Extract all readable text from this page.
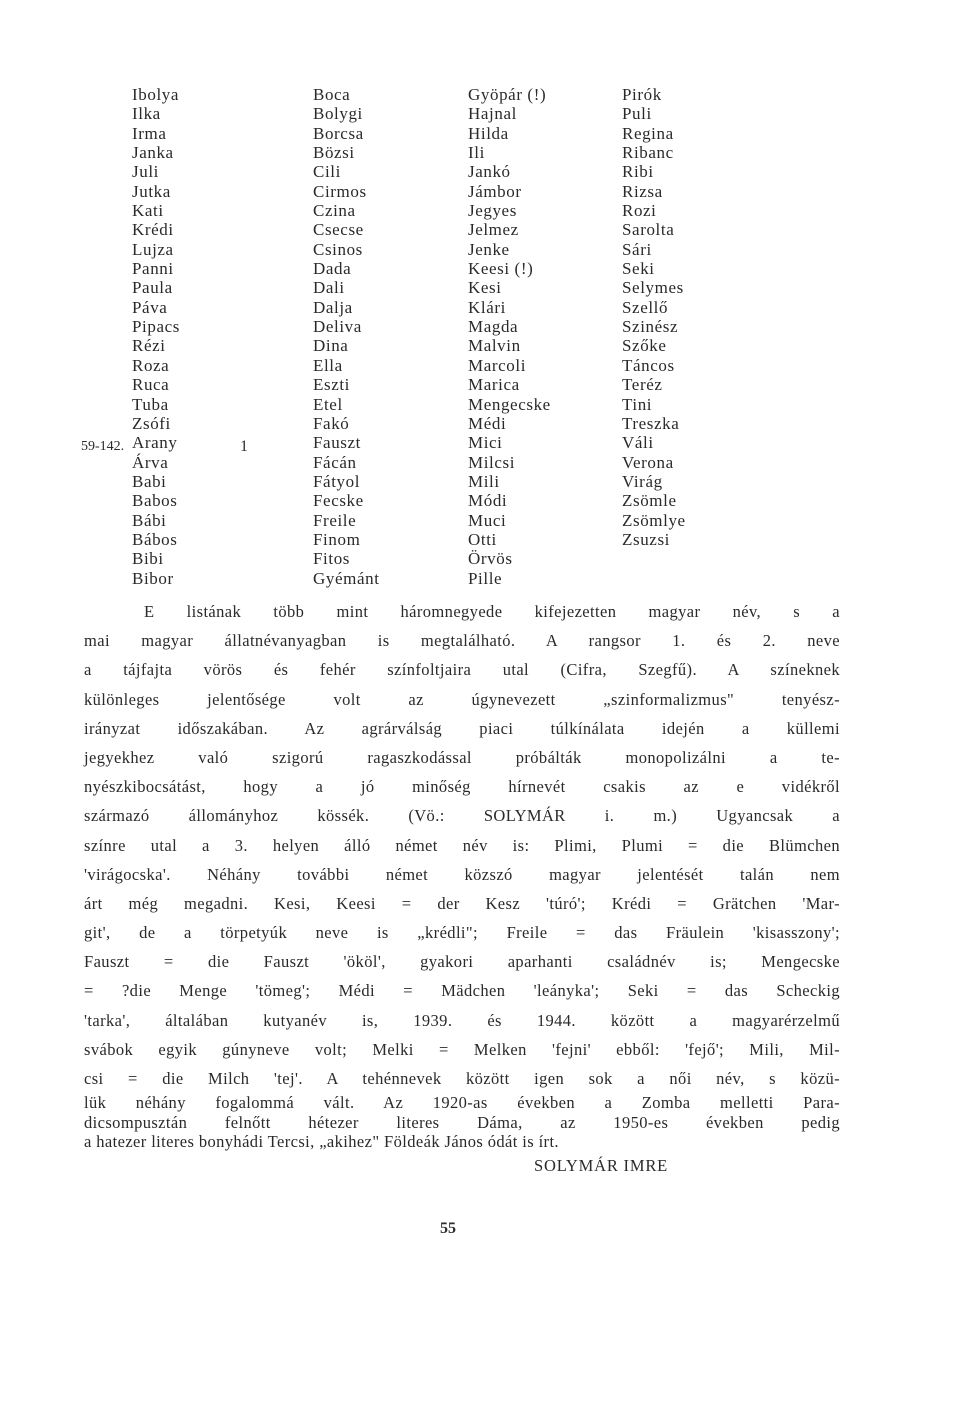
Ibolya
Ilka
Irma
Janka
Juli
Jutka
Kati
Krédi
Lujza
Panni
Paula
Páva
Pipacs
Rézi
Roza
Ruca
Tuba
Zsófi
Arany
Árva
Babi
Babos
Bábi
Bábos
Bibi
Bibor
Boca
Bolygi
Borcsa
Bözsi
Cili
Cirmos
Czina
Csecse
Csinos
Dada
Dali
Dalja
Deliva
Dina
Ella
Eszti
Etel
Fakó
Fauszt
Fácán
Fátyol
Fecske
Freile
Finom
Fitos
Gyémánt
Gyöpár (!)
Hajnal
Hilda
Ili
Jankó
Jámbor
Jegyes
Jelmez
Jenke
Keesi (!)
Kesi
Klári
Magda
Malvin
Marcoli
Marica
Mengecske
Médi
Mici
Milcsi
Mili
Módi
Muci
Otti
Örvös
Pille
Pirók
Puli
Regina
Ribanc
Ribi
Rizsa
Rozi
Sarolta
Sári
Seki
Selymes
Szellő
Szinész
Szőke
Táncos
Teréz
Tini
Treszka
Váli
Verona
Virág
Zsömle
Zsömlye
Zsuzsi
59-142.	1
E listának több mint háromnegyede kifejezetten magyar név, s a
mai magyar állatnévanyagban is megtalálható. A rangsor 1. és 2. neve
a tájfajta vörös és fehér színfoltjaira utal (Cifra, Szegfű). A színeknek
különleges jelentősége volt az úgynevezett „szinformalizmus" tenyész-
irányzat időszakában. Az agrárválság piaci túlkínálata idején a küllemi
jegyekhez való szigorú ragaszkodással próbálták monopolizálni a te-
nyészkibocsátást, hogy a jó minőség hírnevét csakis az e vidékről
származó állományhoz kössék. (Vö.: SOLYMÁR i. m.) Ugyancsak a
színre utal a 3. helyen álló német név is: Plimi, Plumi = die Blümchen
'virágocska'. Néhány további német közszó magyar jelentését talán nem
árt még megadni. Kesi, Keesi = der Kesz 'túró'; Krédi = Grätchen 'Mar-
git', de a törpetyúk neve is „krédli"; Freile = das Fräulein 'kisasszony';
Fauszt = die Fauszt 'ököl', gyakori aparhanti családnév is; Mengecske
= ?die Menge 'tömeg'; Médi = Mädchen 'leányka'; Seki = das Scheckig
'tarka', általában kutyanév is, 1939. és 1944. között a magyarérzelmű
svábok egyik gúnyneve volt; Melki = Melken 'fejni' ebből: 'fejő'; Mili, Mil-
csi = die Milch 'tej'. A tehénnevek között igen sok a női név, s közü-
lük néhány fogalommá vált. Az 1920-as években a Zomba melletti Para-
dicsompusztán felnőtt hétezer literes Dáma, az 1950-es években pedig
a hatezer literes bonyhádi Tercsi, „akihez" Földeák János ódát is írt.
SOLYMÁR IMRE
55
